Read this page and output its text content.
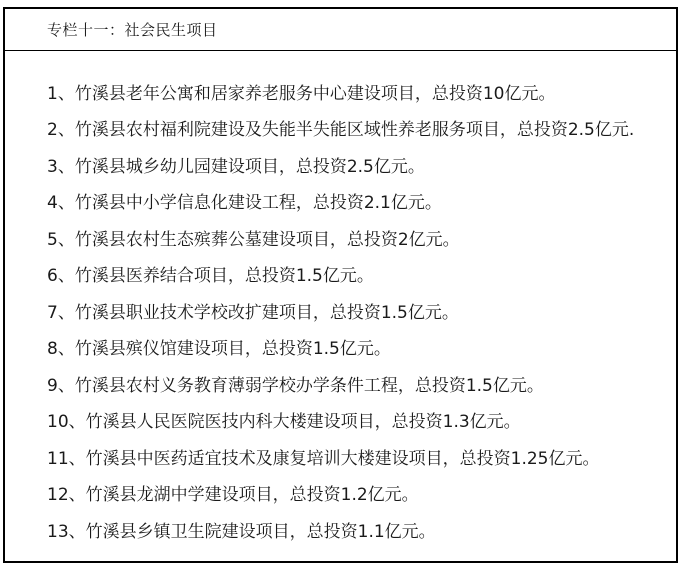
专栏十一：社会民生项目
1、竹溪县老年公寓和居家养老服务中心建设项目，总投资10亿元。
2、竹溪县农村福利院建设及失能半失能区域性养老服务项目，总投资2.5亿元.
3、竹溪县城乡幼儿园建设项目，总投资2.5亿元。
4、竹溪县中小学信息化建设工程，总投资2.1亿元。
5、竹溪县农村生态殡葬公墓建设项目，总投资2亿元。
6、竹溪县医养结合项目，总投资1.5亿元。
7、竹溪县职业技术学校改扩建项目，总投资1.5亿元。
8、竹溪县殡仪馆建设项目，总投资1.5亿元。
9、竹溪县农村义务教育薄弱学校办学条件工程，总投资1.5亿元。
10、竹溪县人民医院医技内科大楼建设项目，总投资1.3亿元。
11、竹溪县中医药适宜技术及康复培训大楼建设项目，总投资1.25亿元。
12、竹溪县龙湖中学建设项目，总投资1.2亿元。
13、竹溪县乡镇卫生院建设项目，总投资1.1亿元。
